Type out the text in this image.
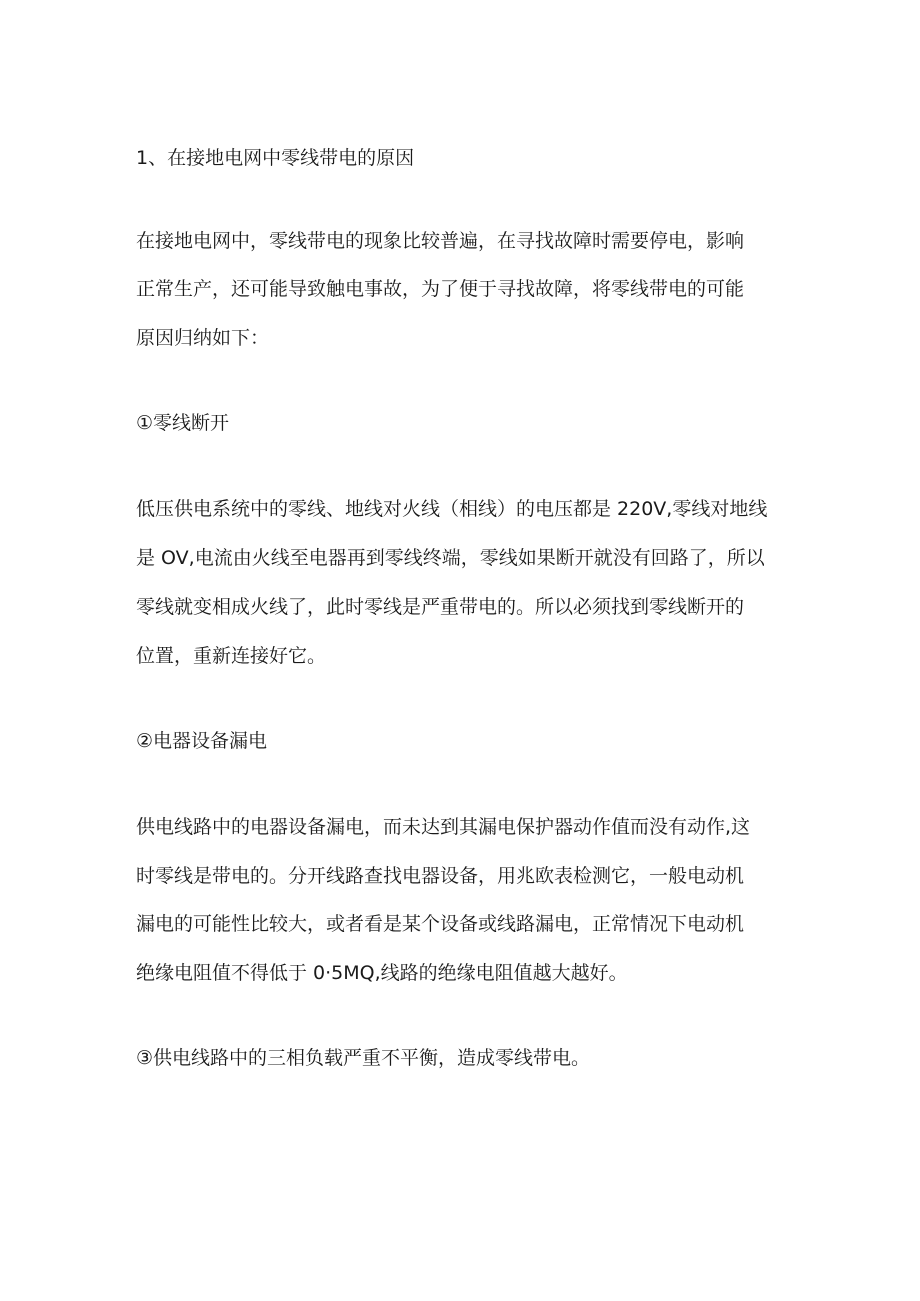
1、在接地电网中零线带电的原因
在接地电网中，零线带电的现象比较普遍，在寻找故障时需要停电，影响
正常生产，还可能导致触电事故，为了便于寻找故障，将零线带电的可能
原因归纳如下：
①零线断开
低压供电系统中的零线、地线对火线（相线）的电压都是 220V,零线对地线
是 OV,电流由火线至电器再到零线终端，零线如果断开就没有回路了，所以
零线就变相成火线了，此时零线是严重带电的。所以必须找到零线断开的
位置，重新连接好它。
②电器设备漏电
供电线路中的电器设备漏电，而未达到其漏电保护器动作值而没有动作,这
时零线是带电的。分开线路查找电器设备，用兆欧表检测它，一般电动机
漏电的可能性比较大，或者看是某个设备或线路漏电，正常情况下电动机
绝缘电阻值不得低于 0·5MQ,线路的绝缘电阻值越大越好。
③供电线路中的三相负载严重不平衡，造成零线带电。
